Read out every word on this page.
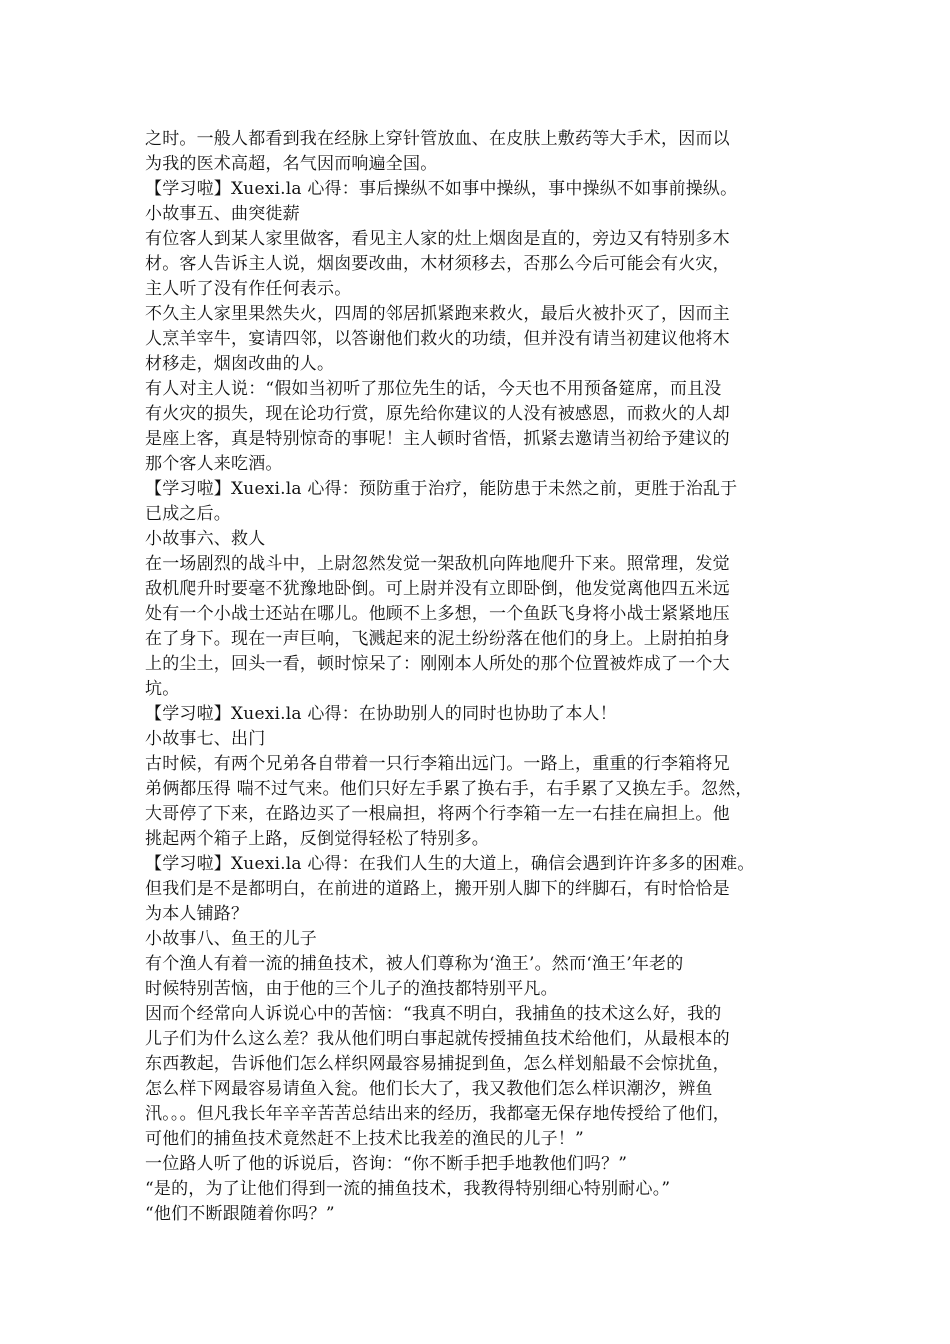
之时。一般人都看到我在经脉上穿针管放血、在皮肤上敷药等大手术，因而以
为我的医术高超，名气因而响遍全国。
【学习啦】Xuexi.la 心得：事后操纵不如事中操纵，事中操纵不如事前操纵。
小故事五、曲突徙薪
有位客人到某人家里做客，看见主人家的灶上烟囱是直的，旁边又有特别多木
材。客人告诉主人说，烟囱要改曲，木材须移去，否那么今后可能会有火灾，
主人听了没有作任何表示。
不久主人家里果然失火，四周的邻居抓紧跑来救火，最后火被扑灭了，因而主
人烹羊宰牛，宴请四邻，以答谢他们救火的功绩，但并没有请当初建议他将木
材移走，烟囱改曲的人。
有人对主人说：“假如当初听了那位先生的话，今天也不用预备筵席，而且没
有火灾的损失，现在论功行赏，原先给你建议的人没有被感恩，而救火的人却
是座上客，真是特别惊奇的事呢！主人顿时省悟，抓紧去邀请当初给予建议的
那个客人来吃酒。
【学习啦】Xuexi.la 心得：预防重于治疗，能防患于未然之前，更胜于治乱于
已成之后。
小故事六、救人
在一场剧烈的战斗中，上尉忽然发觉一架敌机向阵地爬升下来。照常理，发觉
敌机爬升时要毫不犹豫地卧倒。可上尉并没有立即卧倒，他发觉离他四五米远
处有一个小战士还站在哪儿。他顾不上多想，一个鱼跃飞身将小战士紧紧地压
在了身下。现在一声巨响，飞溅起来的泥土纷纷落在他们的身上。上尉拍拍身
上的尘土，回头一看，顿时惊呆了：刚刚本人所处的那个位置被炸成了一个大
坑。
【学习啦】Xuexi.la 心得：在协助别人的同时也协助了本人！
小故事七、出门
古时候，有两个兄弟各自带着一只行李箱出远门。一路上，重重的行李箱将兄
弟俩都压得 喘不过气来。他们只好左手累了换右手，右手累了又换左手。忽然，
大哥停了下来，在路边买了一根扁担，将两个行李箱一左一右挂在扁担上。他
挑起两个箱子上路，反倒觉得轻松了特别多。
【学习啦】Xuexi.la 心得：在我们人生的大道上，确信会遇到许许多多的困难。
但我们是不是都明白，在前进的道路上，搬开别人脚下的绊脚石，有时恰恰是
为本人铺路？
小故事八、鱼王的儿子
有个渔人有着一流的捕鱼技术，被人们尊称为‘渔王’。然而‘渔王’年老的
时候特别苦恼，由于他的三个儿子的渔技都特别平凡。
因而个经常向人诉说心中的苦恼：“我真不明白，我捕鱼的技术这么好，我的
儿子们为什么这么差？我从他们明白事起就传授捕鱼技术给他们，从最根本的
东西教起，告诉他们怎么样织网最容易捕捉到鱼，怎么样划船最不会惊扰鱼，
怎么样下网最容易请鱼入瓮。他们长大了，我又教他们怎么样识潮汐，辨鱼
汛。。。但凡我长年辛辛苦苦总结出来的经历，我都毫无保存地传授给了他们，
可他们的捕鱼技术竟然赶不上技术比我差的渔民的儿子！”
一位路人听了他的诉说后，咨询：“你不断手把手地教他们吗？”
“是的，为了让他们得到一流的捕鱼技术，我教得特别细心特别耐心。”
“他们不断跟随着你吗？”
